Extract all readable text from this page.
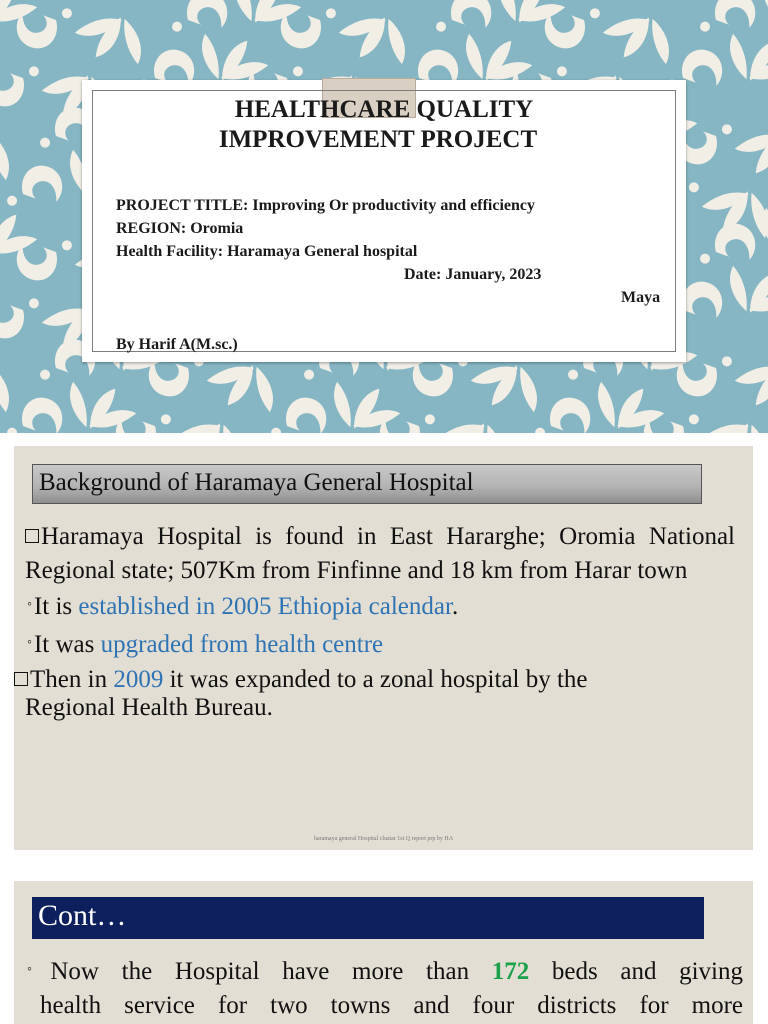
HEALTHCARE QUALITY
IMPROVEMENT PROJECT
PROJECT TITLE: Improving Or productivity and efficiency
REGION: Oromia
Health Facility: Haramaya General hospital
Date: January, 2023
Maya
By Harif A(M.sc.)
Background of Haramaya General Hospital
Haramaya Hospital is found in East Hararghe; Oromia National Regional state; 507Km from Finfinne and 18 km from Harar town
◦It is established in 2005 Ethiopia calendar.
◦It was upgraded from health centre
Then in 2009 it was expanded to a zonal hospital by the
Regional Health Bureau.
haramaya general Hospital clustar 1st Q report prp by HA
Cont…
◦Now the Hospital have more than 172 beds and giving
health service for two towns and four districts for more
